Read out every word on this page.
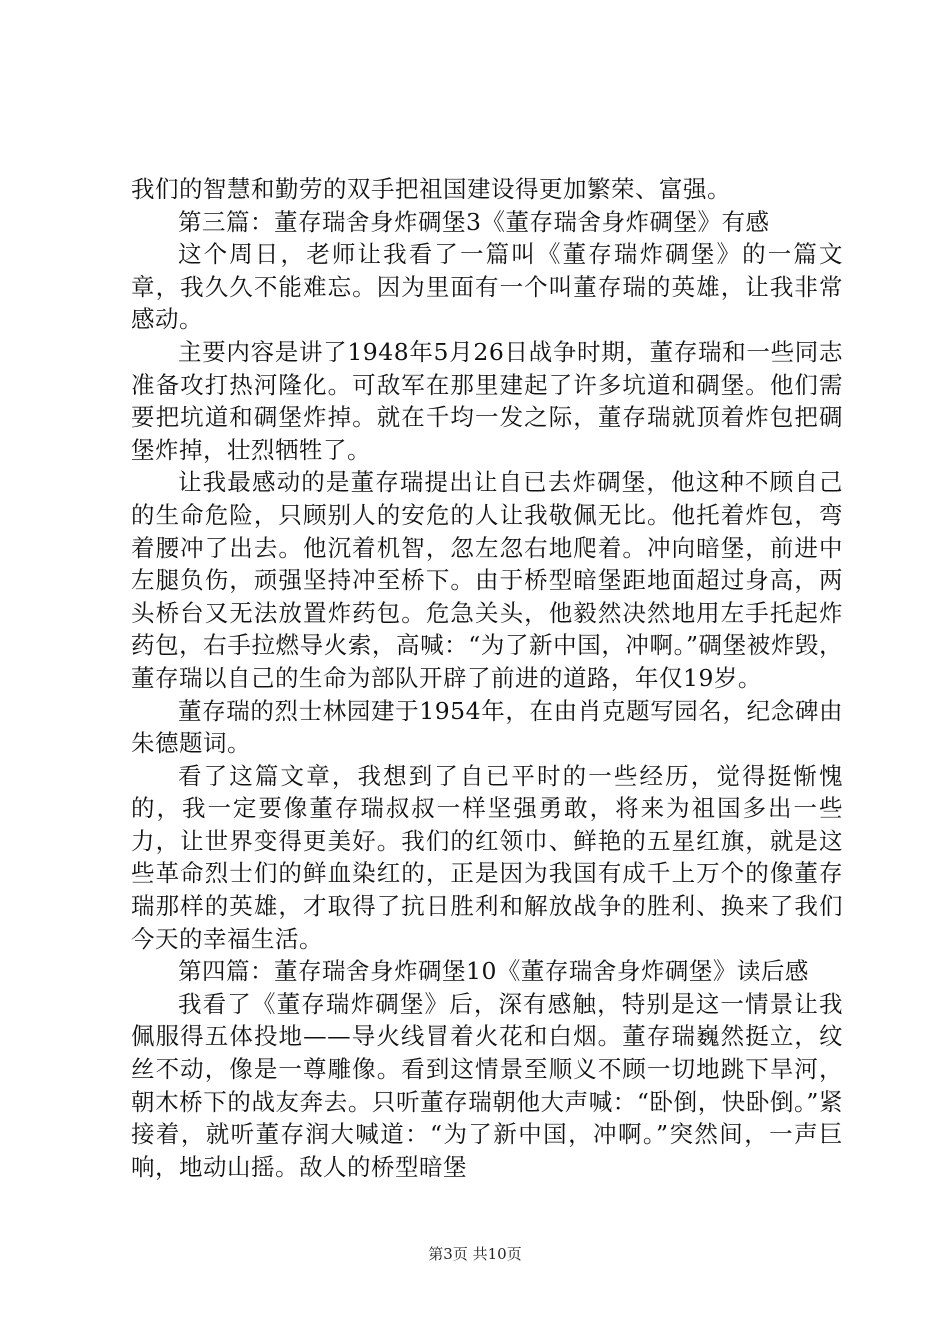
我们的智慧和勤劳的双手把祖国建设得更加繁荣、富强。

第三篇：董存瑞舍身炸碉堡3《董存瑞舍身炸碉堡》有感

这个周日，老师让我看了一篇叫《董存瑞炸碉堡》的一篇文章，我久久不能难忘。因为里面有一个叫董存瑞的英雄，让我非常感动。

主要内容是讲了1948年5月26日战争时期，董存瑞和一些同志准备攻打热河隆化。可敌军在那里建起了许多坑道和碉堡。他们需要把坑道和碉堡炸掉。就在千均一发之际，董存瑞就顶着炸包把碉堡炸掉，壮烈牺牲了。

让我最感动的是董存瑞提出让自已去炸碉堡，他这种不顾自己的生命危险，只顾别人的安危的人让我敬佩无比。他托着炸包，弯着腰冲了出去。他沉着机智，忽左忽右地爬着。冲向暗堡，前进中左腿负伤，顽强坚持冲至桥下。由于桥型暗堡距地面超过身高，两头桥台又无法放置炸药包。危急关头，他毅然决然地用左手托起炸药包，右手拉燃导火索，高喊：“为了新中国，冲啊。”碉堡被炸毁，董存瑞以自己的生命为部队开辟了前进的道路，年仅19岁。

董存瑞的烈士林园建于1954年，在由肖克题写园名，纪念碑由朱德题词。

看了这篇文章，我想到了自已平时的一些经历，觉得挺惭愧的，我一定要像董存瑞叔叔一样坚强勇敢，将来为祖国多出一些力，让世界变得更美好。我们的红领巾、鲜艳的五星红旗，就是这些革命烈士们的鲜血染红的，正是因为我国有成千上万个的像董存瑞那样的英雄，才取得了抗日胜利和解放战争的胜利、换来了我们今天的幸福生活。

第四篇：董存瑞舍身炸碉堡10《董存瑞舍身炸碉堡》读后感

我看了《董存瑞炸碉堡》后，深有感触，特别是这一情景让我佩服得五体投地——导火线冒着火花和白烟。董存瑞巍然挺立，纹丝不动，像是一尊雕像。看到这情景至顺义不顾一切地跳下旱河，朝木桥下的战友奔去。只听董存瑞朝他大声喊：“卧倒，快卧倒。”紧接着，就听董存润大喊道：“为了新中国，冲啊。”突然间，一声巨响，地动山摇。敌人的桥型暗堡

第3页 共10页
